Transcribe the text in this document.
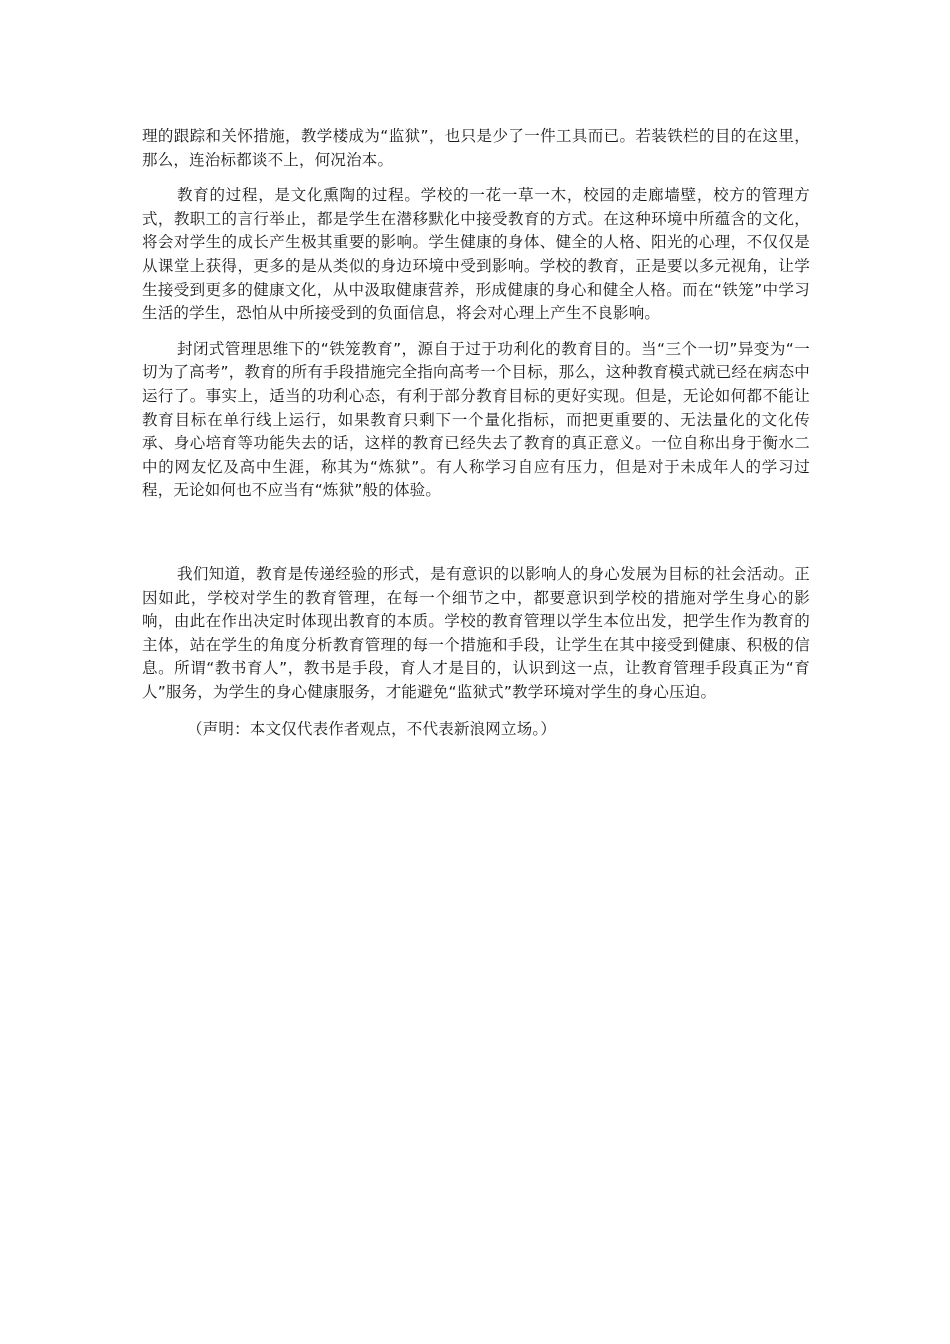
理的跟踪和关怀措施，教学楼成为“监狱”，也只是少了一件工具而已。若装铁栏的目的在这里，那么，连治标都谈不上，何况治本。

教育的过程，是文化熏陶的过程。学校的一花一草一木，校园的走廊墙壁，校方的管理方式，教职工的言行举止，都是学生在潜移默化中接受教育的方式。在这种环境中所蕴含的文化，将会对学生的成长产生极其重要的影响。学生健康的身体、健全的人格、阳光的心理，不仅仅是从课堂上获得，更多的是从类似的身边环境中受到影响。学校的教育，正是要以多元视角，让学生接受到更多的健康文化，从中汲取健康营养，形成健康的身心和健全人格。而在“铁笼”中学习生活的学生，恐怕从中所接受到的负面信息，将会对心理上产生不良影响。

封闭式管理思维下的“铁笼教育”，源自于过于功利化的教育目的。当“三个一切”异变为“一切为了高考”，教育的所有手段措施完全指向高考一个目标，那么，这种教育模式就已经在病态中运行了。事实上，适当的功利心态，有利于部分教育目标的更好实现。但是，无论如何都不能让教育目标在单行线上运行，如果教育只剩下一个量化指标，而把更重要的、无法量化的文化传承、身心培育等功能失去的话，这样的教育已经失去了教育的真正意义。一位自称出身于衡水二中的网友忆及高中生涯，称其为“炼狱”。有人称学习自应有压力，但是对于未成年人的学习过程，无论如何也不应当有“炼狱”般的体验。

我们知道，教育是传递经验的形式，是有意识的以影响人的身心发展为目标的社会活动。正因如此，学校对学生的教育管理，在每一个细节之中，都要意识到学校的措施对学生身心的影响，由此在作出决定时体现出教育的本质。学校的教育管理以学生本位出发，把学生作为教育的主体，站在学生的角度分析教育管理的每一个措施和手段，让学生在其中接受到健康、积极的信息。所谓“教书育人”，教书是手段，育人才是目的，认识到这一点，让教育管理手段真正为“育人”服务，为学生的身心健康服务，才能避免“监狱式”教学环境对学生的身心压迫。

（声明：本文仅代表作者观点，不代表新浪网立场。）
